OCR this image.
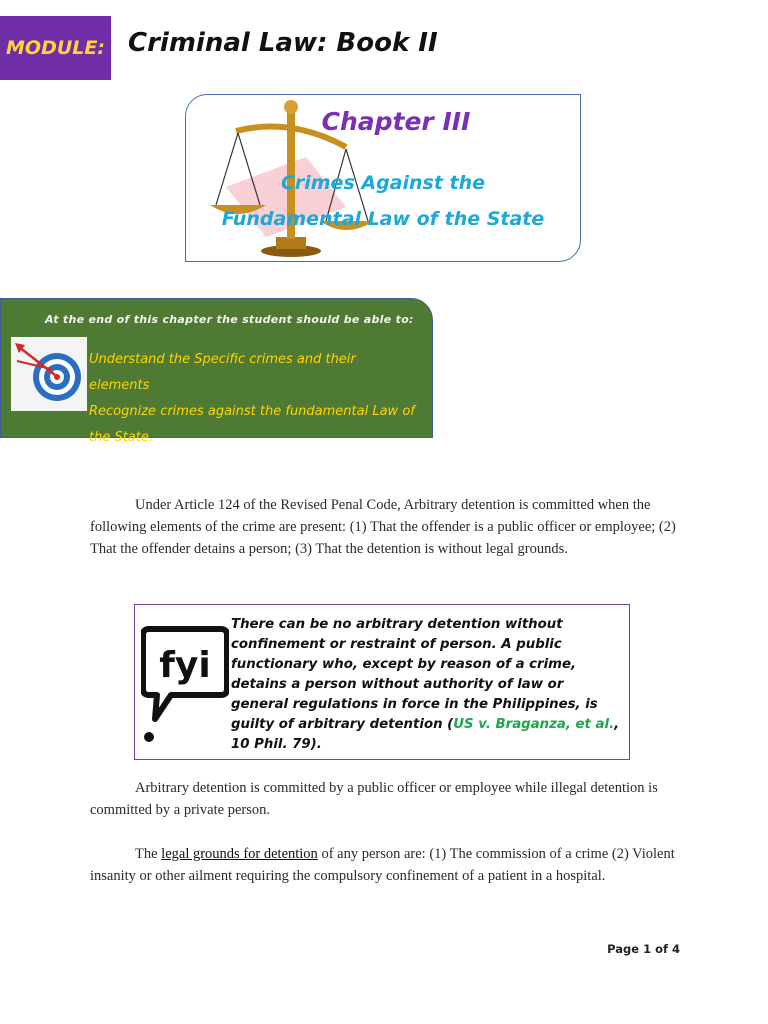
MODULE: Criminal Law: Book II
Chapter III
Crimes Against the
Fundamental Law of the State
At the end of this chapter the student should be able to:
Understand the Specific crimes and their elements
Recognize crimes against the fundamental Law of the State.

Under Article 124 of the Revised Penal Code, Arbitrary detention is committed when the following elements of the crime are present: (1) That the offender is a public officer or employee; (2) That the offender detains a person; (3) That the detention is without legal grounds.

fyi
There can be no arbitrary detention without confinement or restraint of person. A public functionary who, except by reason of a crime, detains a person without authority of law or general regulations in force in the Philippines, is guilty of arbitrary detention (US v. Braganza, et al., 10 Phil. 79).

Arbitrary detention is committed by a public officer or employee while illegal detention is committed by a private person.

The legal grounds for detention of any person are: (1) The commission of a crime (2) Violent insanity or other ailment requiring the compulsory confinement of a patient in a hospital.

Page 1 of 4
